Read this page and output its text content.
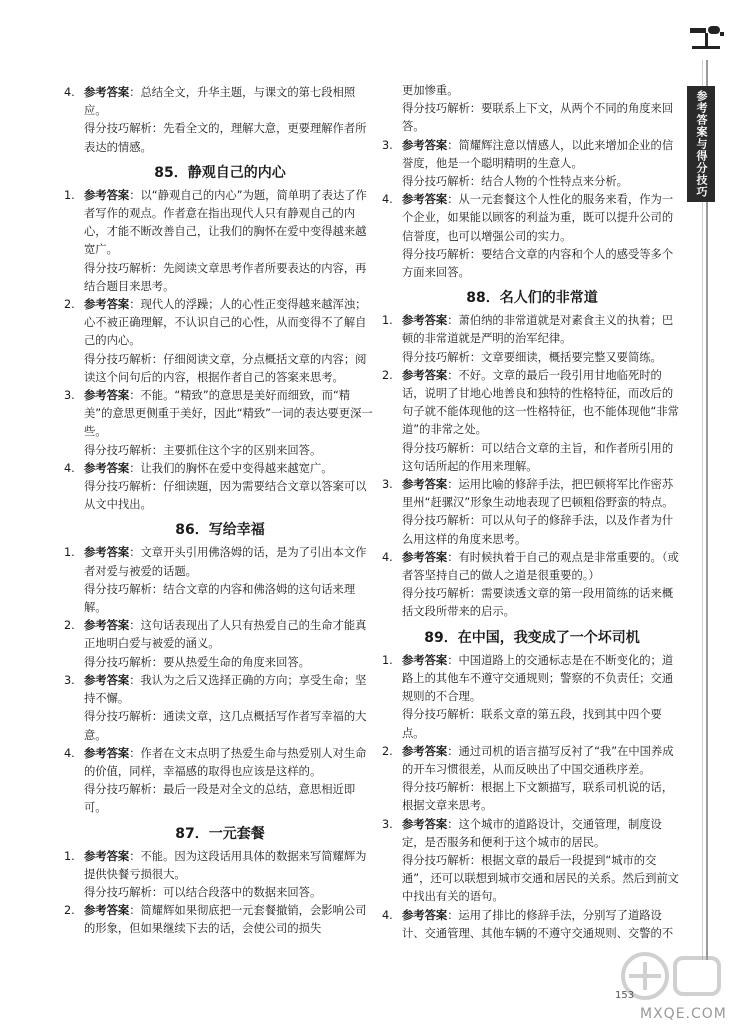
参考答案与得分技巧解析

4. 参考答案：总结全文，升华主题，与课文的第七段相照应。

得分技巧解析：先看全文的，理解大意，更要理解作者所表达的情感。

85．静观自己的内心

1. 参考答案：以“静观自己的内心”为题，简单明了表达了作者写作的观点。作者意在指出现代人只有静观自己的内心，才能不断改善自己，让我们的胸怀在爱中变得越来越宽广。

得分技巧解析：先阅读文章思考作者所要表达的内容，再结合题目来思考。

2. 参考答案：现代人的浮躁；人的心性正变得越来越浑浊；心不被正确理解，不认识自己的心性，从而变得不了解自己的内心。

得分技巧解析：仔细阅读文章，分点概括文章的内容；阅读这个问句后的内容，根据作者自己的答案来思考。

3. 参考答案：不能。“精致”的意思是美好而细致，而“精美”的意思更侧重于美好，因此“精致”一词的表达要更深一些。

得分技巧解析：主要抓住这个字的区别来回答。

4. 参考答案：让我们的胸怀在爱中变得越来越宽广。

得分技巧解析：仔细读题，因为需要结合文章以答案可以从文中找出。

86．写给幸福

1. 参考答案：文章开头引用佛洛姆的话，是为了引出本文作者对爱与被爱的话题。

得分技巧解析：结合文章的内容和佛洛姆的这句话来理解。

2. 参考答案：这句话表现出了人只有热爱自己的生命才能真正地明白爱与被爱的涵义。

得分技巧解析：要从热爱生命的角度来回答。

3. 参考答案：我认为之后又选择正确的方向；享受生命；坚持不懈。

得分技巧解析：通读文章，这几点概括写作者写幸福的大意。

4. 参考答案：作者在文末点明了热爱生命与热爱别人对生命的价值，同样，幸福感的取得也应该是这样的。

得分技巧解析：最后一段是对全文的总结，意思相近即可。

87．一元套餐

1. 参考答案：不能。因为这段话用具体的数据来写简耀辉为提供快餐亏损很大。

得分技巧解析：可以结合段落中的数据来回答。

2. 参考答案：简耀辉如果彻底把一元套餐撤销，会影响公司的形象，但如果继续下去的话，会使公司的损失

更加惨重。

得分技巧解析：要联系上下文，从两个不同的角度来回答。

3. 参考答案：简耀辉注意以情感人，以此来增加企业的信誉度，他是一个聪明精明的生意人。

得分技巧解析：结合人物的个性特点来分析。

4. 参考答案：从一元套餐这个人性化的服务来看，作为一个企业，如果能以顾客的利益为重，既可以提升公司的信誉度，也可以增强公司的实力。

得分技巧解析：要结合文章的内容和个人的感受等多个方面来回答。

88．名人们的非常道

1. 参考答案：萧伯纳的非常道就是对素食主义的执着；巴顿的非常道就是严明的治军纪律。

得分技巧解析：文章要细读，概括要完整又要简练。

2. 参考答案：不好。文章的最后一段引用甘地临死时的话，说明了甘地心地善良和独特的性格特征，而改后的句子就不能体现他的这一性格特征，也不能体现他“非常道”的非常之处。

得分技巧解析：可以结合文章的主旨，和作者所引用的这句话所起的作用来理解。

3. 参考答案：运用比喻的修辞手法，把巴顿将军比作密苏里州“赶骡汉”形象生动地表现了巴顿粗俗野蛮的特点。

得分技巧解析：可以从句子的修辞手法，以及作者为什么用这样的角度来思考。

4. 参考答案：有时候执着于自己的观点是非常重要的。（或者答坚持自己的做人之道是很重要的。）

得分技巧解析：需要读透文章的第一段用简练的话来概括文段所带来的启示。

89．在中国，我变成了一个坏司机

1. 参考答案：中国道路上的交通标志是在不断变化的；道路上的其他车不遵守交通规则；警察的不负责任；交通规则的不合理。

得分技巧解析：联系文章的第五段，找到其中四个要点。

2. 参考答案：通过司机的语言描写反衬了“我”在中国养成的开车习惯很差，从而反映出了中国交通秩序差。

得分技巧解析：根据上下文额描写，联系司机说的话，根据文章来思考。

3. 参考答案：这个城市的道路设计，交通管理，制度设定，是否服务和便利于这个城市的居民。

得分技巧解析：根据文章的最后一段提到“城市的交通”，还可以联想到城市交通和居民的关系。然后到前文中找出有关的语句。

4. 参考答案：运用了排比的修辞手法，分别写了道路设计、交通管理、其他车辆的不遵守交通规则、交警的不

153
MXQE.COM
